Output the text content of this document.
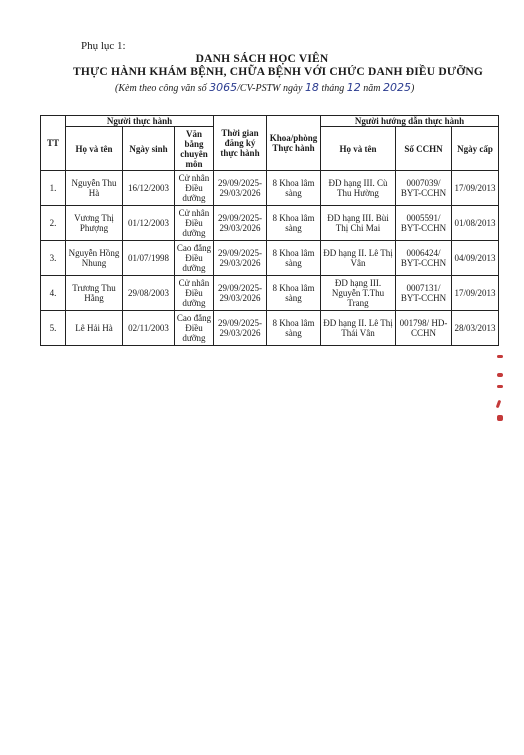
Phụ lục 1:
DANH SÁCH HỌC VIÊN
THỰC HÀNH KHÁM BỆNH, CHỮA BỆNH VỚI CHỨC DANH ĐIỀU DƯỠNG
(Kèm theo công văn số 3065/CV-PSTW ngày 18 tháng 12 năm 2025)
TT	Người thực hành			Thời gian đăng ký thực hành	Khoa/phòng Thực hành	Người hướng dẫn thực hành		
	Họ và tên	Ngày sinh	Văn bằng chuyên môn			Họ và tên	Số CCHN	Ngày cấp
1.	Nguyễn Thu Hà	16/12/2003	Cử nhân Điều dưỡng	29/09/2025-29/03/2026	8 Khoa lâm sàng	ĐD hạng III. Cù Thu Hường	0007039/ BYT-CCHN	17/09/2013
2.	Vương Thị Phượng	01/12/2003	Cử nhân Điều dưỡng	29/09/2025-29/03/2026	8 Khoa lâm sàng	ĐD hạng III. Bùi Thị Chi Mai	0005591/ BYT-CCHN	01/08/2013
3.	Nguyễn Hồng Nhung	01/07/1998	Cao đẳng Điều dưỡng	29/09/2025-29/03/2026	8 Khoa lâm sàng	ĐD hạng II. Lê Thị Vân	0006424/ BYT-CCHN	04/09/2013
4.	Trương Thu Hằng	29/08/2003	Cử nhân Điều dưỡng	29/09/2025-29/03/2026	8 Khoa lâm sàng	ĐD hạng III. Nguyễn T.Thu Trang	0007131/ BYT-CCHN	17/09/2013
5.	Lê Hải Hà	02/11/2003	Cao đẳng Điều dưỡng	29/09/2025-29/03/2026	8 Khoa lâm sàng	ĐD hạng II. Lê Thị Thái Vân	001798/ HD-CCHN	28/03/2013
